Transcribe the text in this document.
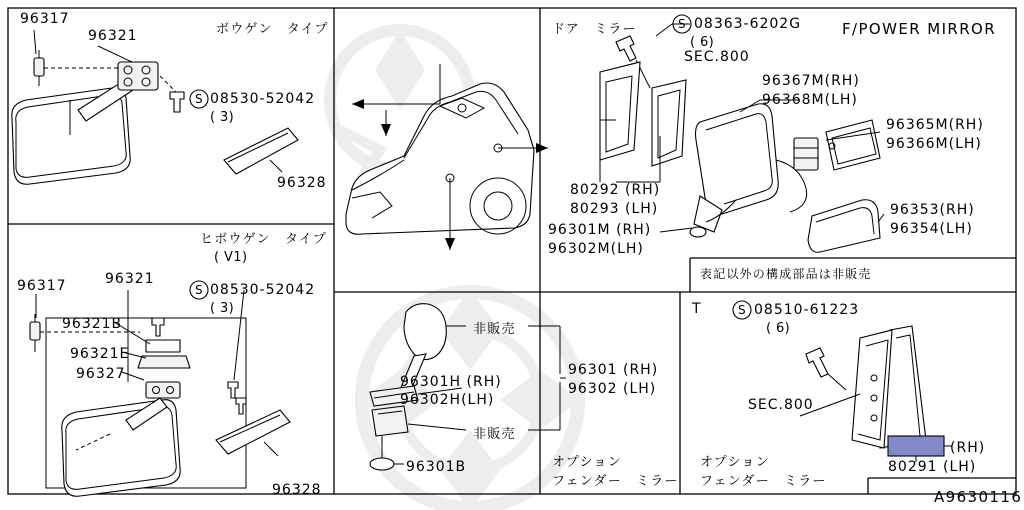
96317
96321	ボウゲン　タイプ
08530-52042
( 3)
S
96328
ヒボウゲン　タイプ
( V1)
96317	96321
96321B
96321E
96327
S 08530-52042
( 3)
96328
非販売
96301H (RH)
96302H(LH)
96301 (RH)
96302 (LH)
非販売
96301B	オプション
フェンダー　ミラー
ドア　ミラー	S 08363-6202G
( 6)
F/POWER MIRROR
SEC.800
96367M(RH)
96368M(LH)
96365M(RH)
96366M(LH)
96353(RH)
96354(LH)
80292 (RH)
80293 (LH)
96301M (RH)
96302M(LH)
表記以外の構成部品は非販売
T	S 08510-61223
( 6)
SEC.800
(RH)
80291 (LH)
オプション
フェンダー　ミラー
A9630116
